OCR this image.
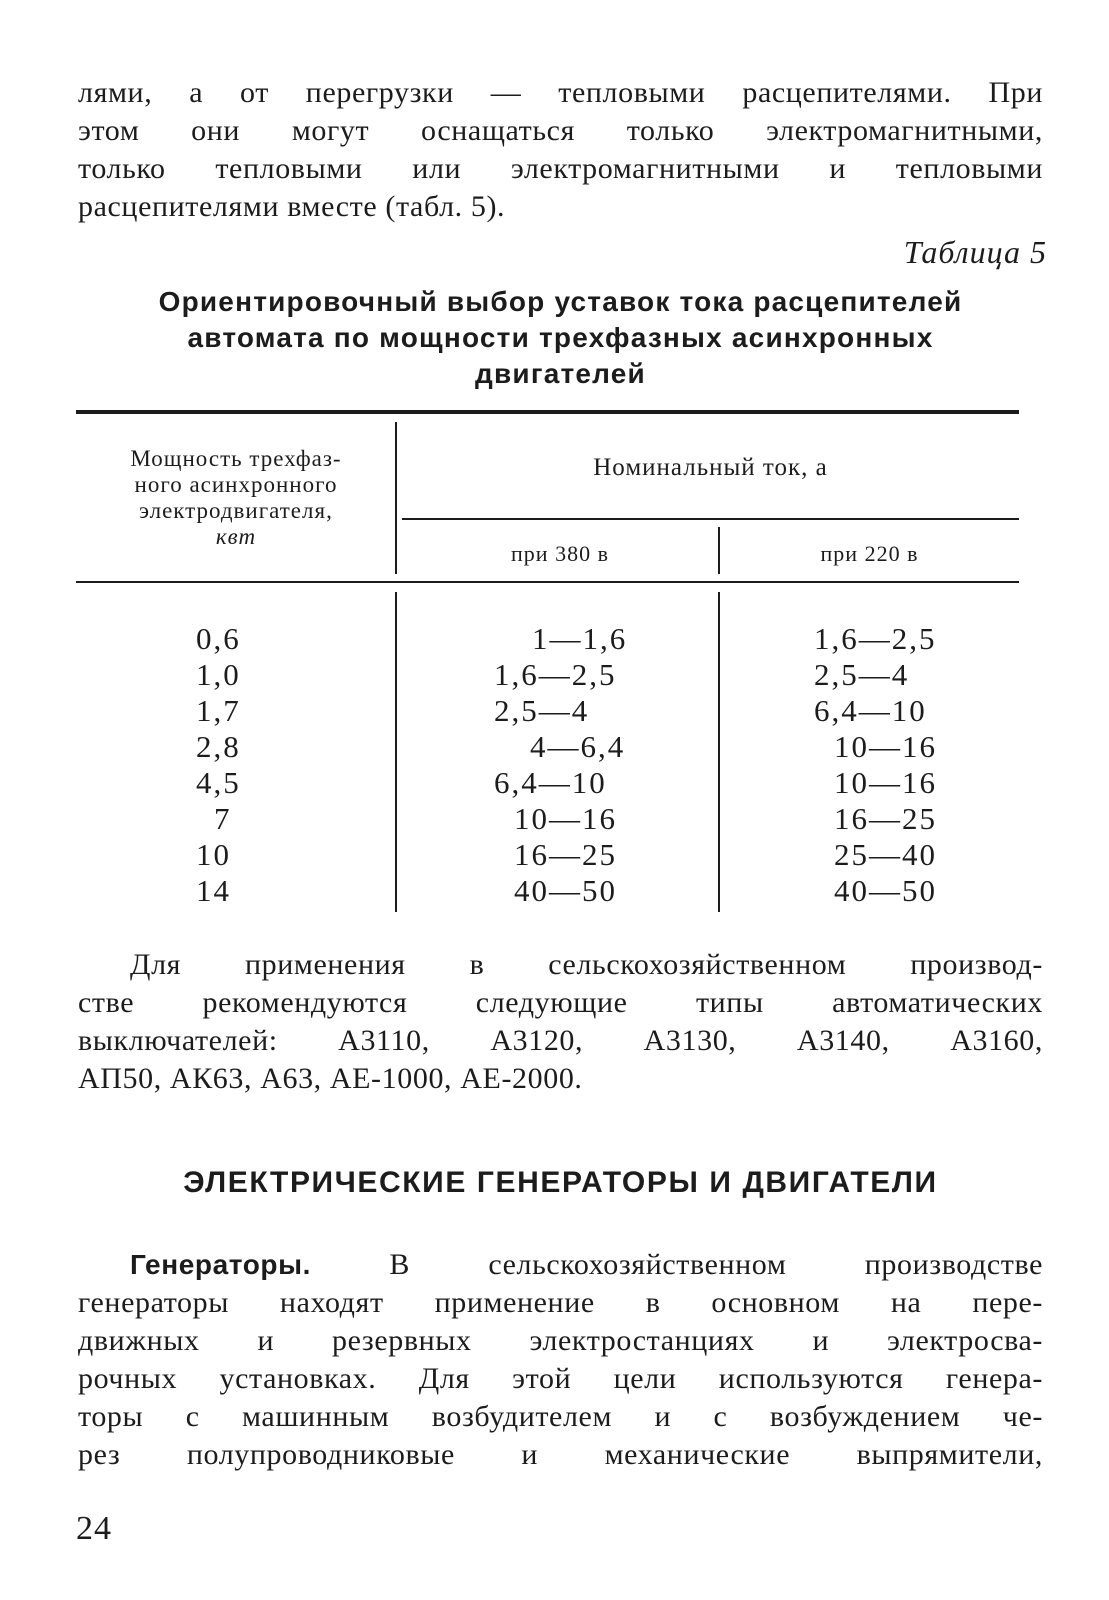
лями, а от перегрузки — тепловыми расцепителями. При
этом они могут оснащаться только электромагнитными,
только тепловыми или электромагнитными и тепловыми
расцепителями вместе (табл. 5).

Таблица 5
Ориентировочный выбор уставок тока расцепителей
автомата по мощности трехфазных асинхронных
двигателей
Мощность трехфаз-
ного асинхронного
электродвигателя,
квт
Номинальный ток, а
при 380 в	при 220 в
0,6
1,0
1,7
2,8
4,5
7
10
14
1—1,6
1,6—2,5
2,5—4
4—6,4
6,4—10
10—16
16—25
40—50
1,6—2,5
2,5—4
6,4—10
10—16
10—16
16—25
25—40
40—50

Для применения в сельскохозяйственном производ-
стве рекомендуются следующие типы автоматических
выключателей: А3110, А3120, А3130, А3140, А3160,
АП50, АК63, А63, АЕ-1000, АЕ-2000.

ЭЛЕКТРИЧЕСКИЕ ГЕНЕРАТОРЫ И ДВИГАТЕЛИ

Генераторы.	В сельскохозяйственном производстве
генераторы находят применение в основном на пере-
движных и резервных электростанциях и электросва-
рочных установках. Для этой цели используются генера-
торы с машинным возбудителем и с возбуждением че-
рез полупроводниковые и механические выпрямители,

24
